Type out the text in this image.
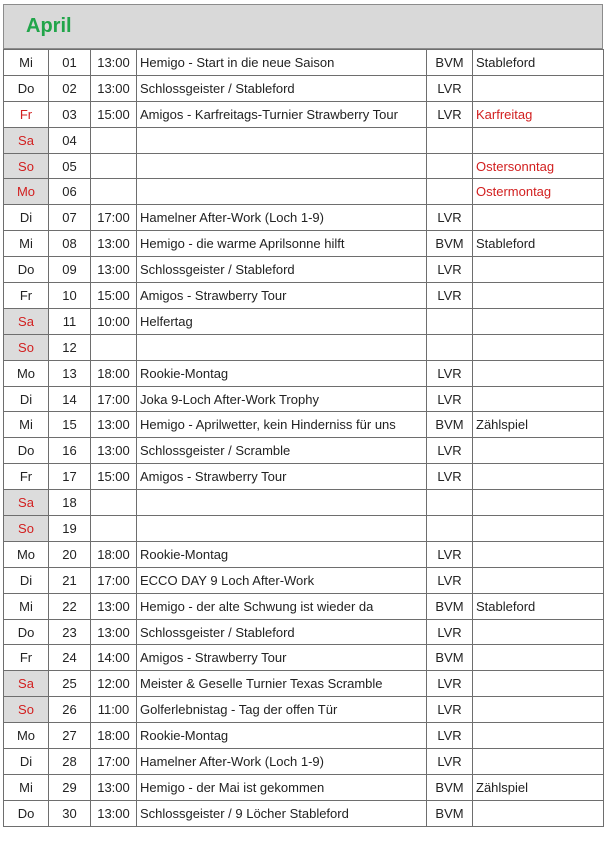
April
Mi	01	13:00	Hemigo - Start in die neue Saison	BVM	Stableford
Do	02	13:00	Schlossgeister / Stableford	LVR	
Fr	03	15:00	Amigos - Karfreitags-Turnier Strawberry Tour	LVR	Karfreitag
Sa	04				
So	05				Ostersonntag
Mo	06				Ostermontag
Di	07	17:00	Hamelner After-Work (Loch 1-9)	LVR	
Mi	08	13:00	Hemigo - die warme Aprilsonne hilft	BVM	Stableford
Do	09	13:00	Schlossgeister / Stableford	LVR	
Fr	10	15:00	Amigos - Strawberry Tour	LVR	
Sa	11	10:00	Helfertag		
So	12				
Mo	13	18:00	Rookie-Montag	LVR	
Di	14	17:00	Joka 9-Loch After-Work Trophy	LVR	
Mi	15	13:00	Hemigo - Aprilwetter, kein Hinderniss für uns	BVM	Zählspiel
Do	16	13:00	Schlossgeister / Scramble	LVR	
Fr	17	15:00	Amigos - Strawberry Tour	LVR	
Sa	18				
So	19				
Mo	20	18:00	Rookie-Montag	LVR	
Di	21	17:00	ECCO DAY 9 Loch After-Work	LVR	
Mi	22	13:00	Hemigo - der alte Schwung ist wieder da	BVM	Stableford
Do	23	13:00	Schlossgeister / Stableford	LVR	
Fr	24	14:00	Amigos - Strawberry Tour	BVM	
Sa	25	12:00	Meister & Geselle Turnier Texas Scramble	LVR	
So	26	11:00	Golferlebnistag - Tag der offen Tür	LVR	
Mo	27	18:00	Rookie-Montag	LVR	
Di	28	17:00	Hamelner After-Work (Loch 1-9)	LVR	
Mi	29	13:00	Hemigo - der Mai ist gekommen	BVM	Zählspiel
Do	30	13:00	Schlossgeister / 9 Löcher Stableford	BVM	
